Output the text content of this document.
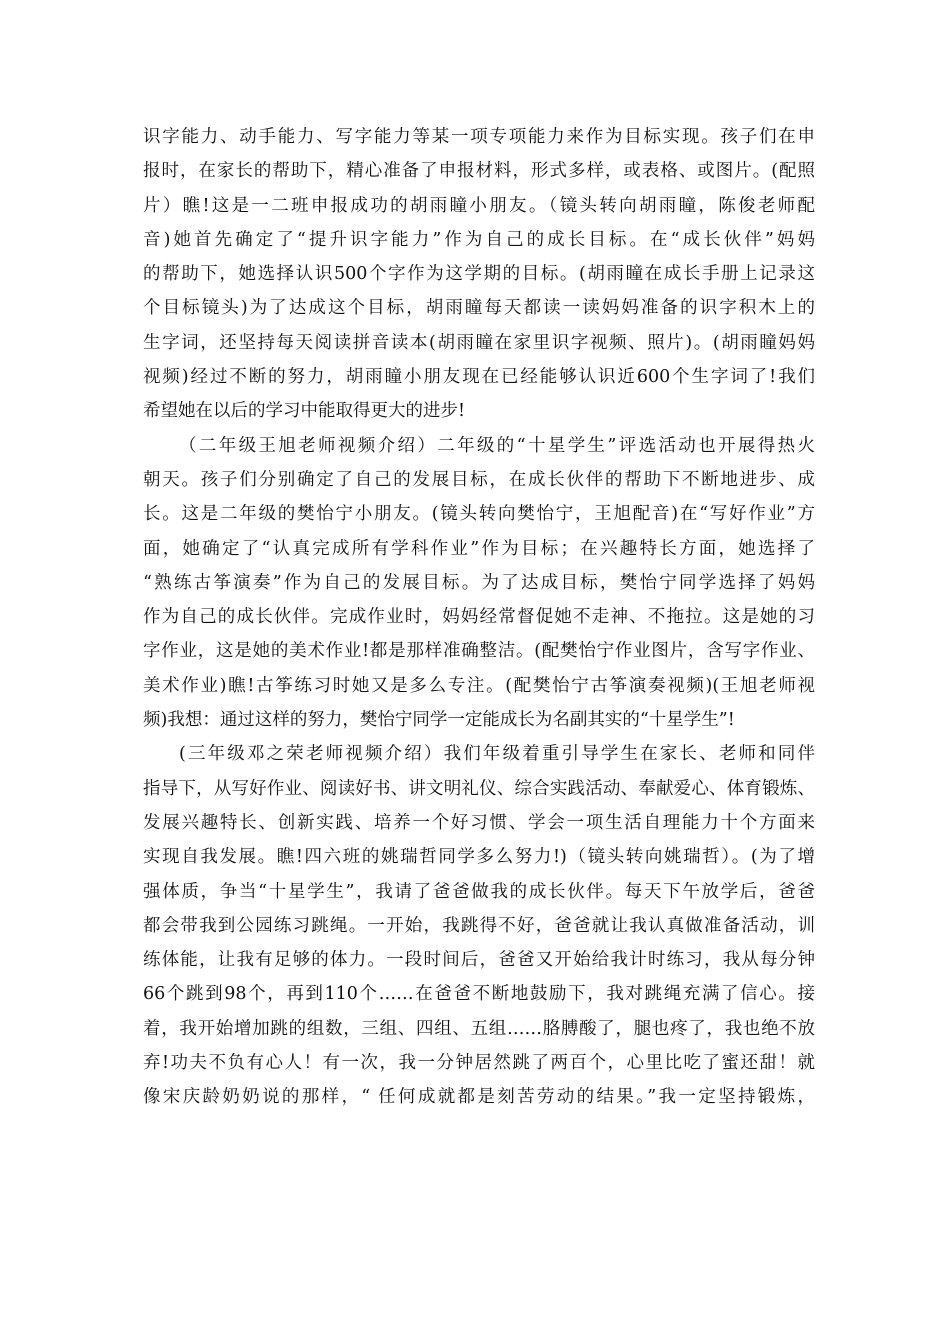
识字能力、动手能力、写字能力等某一项专项能力来作为目标实现。孩子们在申
报时，在家长的帮助下，精心准备了申报材料，形式多样，或表格、或图片。(配照
片）瞧!这是一二班申报成功的胡雨瞳小朋友。（镜头转向胡雨瞳，陈俊老师配
音)她首先确定了“提升识字能力”作为自己的成长目标。在“成长伙伴”妈妈
的帮助下，她选择认识500个字作为这学期的目标。(胡雨瞳在成长手册上记录这
个目标镜头)为了达成这个目标，胡雨瞳每天都读一读妈妈准备的识字积木上的
生字词，还坚持每天阅读拼音读本(胡雨瞳在家里识字视频、照片)。(胡雨瞳妈妈
视频)经过不断的努力，胡雨瞳小朋友现在已经能够认识近600个生字词了!我们
希望她在以后的学习中能取得更大的进步!
（二年级王旭老师视频介绍）二年级的“十星学生”评选活动也开展得热火
朝天。孩子们分别确定了自己的发展目标，在成长伙伴的帮助下不断地进步、成
长。这是二年级的樊怡宁小朋友。(镜头转向樊怡宁，王旭配音)在“写好作业”方
面，她确定了“认真完成所有学科作业”作为目标；在兴趣特长方面，她选择了
“熟练古筝演奏”作为自己的发展目标。为了达成目标，樊怡宁同学选择了妈妈
作为自己的成长伙伴。完成作业时，妈妈经常督促她不走神、不拖拉。这是她的习
字作业，这是她的美术作业!都是那样准确整洁。(配樊怡宁作业图片，含写字作业、
美术作业)瞧!古筝练习时她又是多么专注。(配樊怡宁古筝演奏视频)(王旭老师视
频)我想：通过这样的努力，樊怡宁同学一定能成长为名副其实的“十星学生”!
(三年级邓之荣老师视频介绍）我们年级着重引导学生在家长、老师和同伴
指导下，从写好作业、阅读好书、讲文明礼仪、综合实践活动、奉献爱心、体育锻炼、
发展兴趣特长、创新实践、培养一个好习惯、学会一项生活自理能力十个方面来
实现自我发展。瞧!四六班的姚瑞哲同学多么努力!)（镜头转向姚瑞哲）。(为了增
强体质，争当“十星学生”，我请了爸爸做我的成长伙伴。每天下午放学后，爸爸
都会带我到公园练习跳绳。一开始，我跳得不好，爸爸就让我认真做准备活动，训
练体能，让我有足够的体力。一段时间后，爸爸又开始给我计时练习，我从每分钟
66个跳到98个，再到110个……在爸爸不断地鼓励下，我对跳绳充满了信心。接
着，我开始增加跳的组数，三组、四组、五组……胳膊酸了，腿也疼了，我也绝不放
弃!功夫不负有心人！有一次，我一分钟居然跳了两百个，心里比吃了蜜还甜！就
像宋庆龄奶奶说的那样，“ 任何成就都是刻苦劳动的结果。”我一定坚持锻炼，
